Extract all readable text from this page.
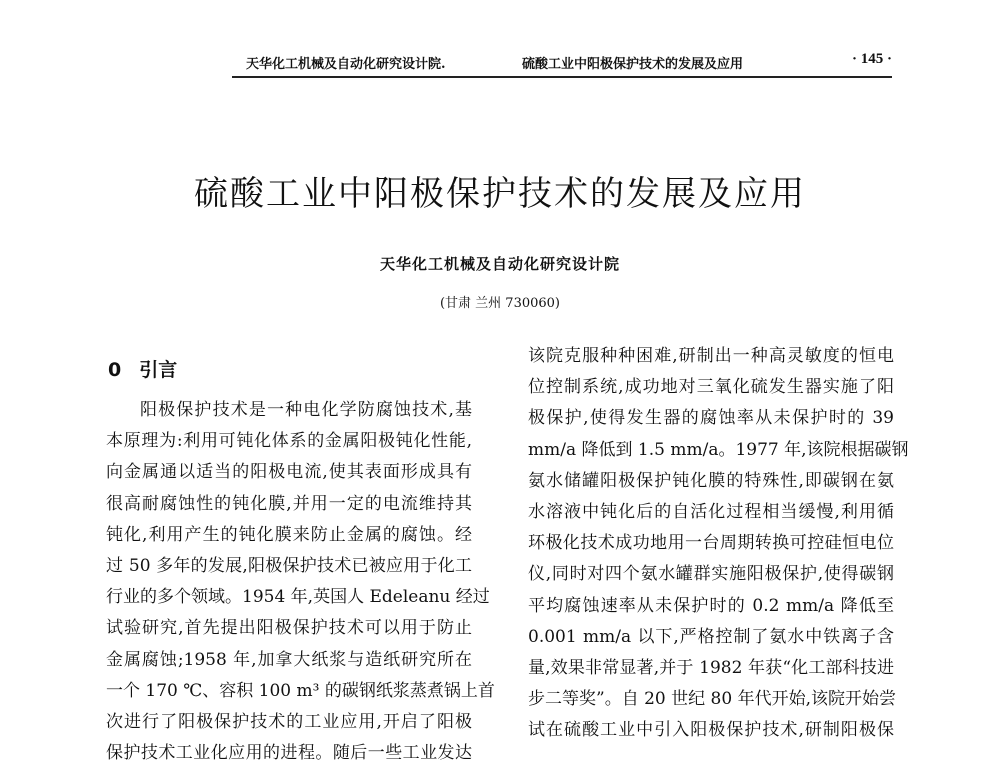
天华化工机械及自动化研究设计院.	硫酸工业中阳极保护技术的发展及应用	· 145 ·
硫酸工业中阳极保护技术的发展及应用
天华化工机械及自动化研究设计院
(甘肃 兰州 730060)
0 引言
阳极保护技术是一种电化学防腐蚀技术,基
本原理为:利用可钝化体系的金属阳极钝化性能,
向金属通以适当的阳极电流,使其表面形成具有
很高耐腐蚀性的钝化膜,并用一定的电流维持其
钝化,利用产生的钝化膜来防止金属的腐蚀。经
过 50 多年的发展,阳极保护技术已被应用于化工
行业的多个领域。1954 年,英国人 Edeleanu 经过
试验研究,首先提出阳极保护技术可以用于防止
金属腐蚀;1958 年,加拿大纸浆与造纸研究所在
一个 170 ℃、容积 100 m³ 的碳钢纸浆蒸煮锅上首
次进行了阳极保护技术的工业应用,开启了阳极
保护技术工业化应用的进程。随后一些工业发达
该院克服种种困难,研制出一种高灵敏度的恒电
位控制系统,成功地对三氧化硫发生器实施了阳
极保护,使得发生器的腐蚀率从未保护时的 39
mm/a 降低到 1.5 mm/a。1977 年,该院根据碳钢
氨水储罐阳极保护钝化膜的特殊性,即碳钢在氨
水溶液中钝化后的自活化过程相当缓慢,利用循
环极化技术成功地用一台周期转换可控硅恒电位
仪,同时对四个氨水罐群实施阳极保护,使得碳钢
平均腐蚀速率从未保护时的 0.2 mm/a 降低至
0.001 mm/a 以下,严格控制了氨水中铁离子含
量,效果非常显著,并于 1982 年获“化工部科技进
步二等奖”。自 20 世纪 80 年代开始,该院开始尝
试在硫酸工业中引入阳极保护技术,研制阳极保
